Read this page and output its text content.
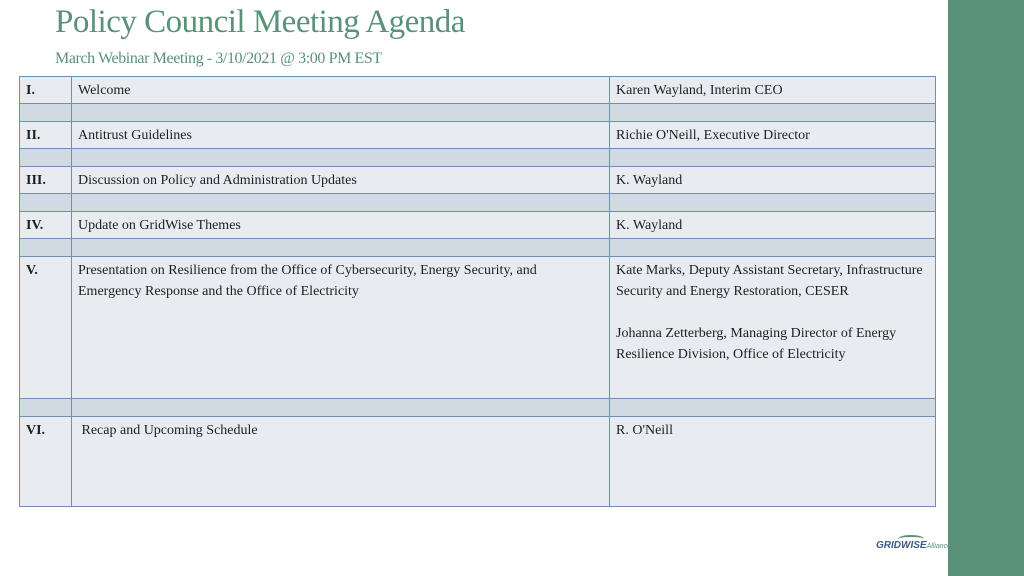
Policy Council Meeting Agenda
March Webinar Meeting - 3/10/2021 @ 3:00 PM EST
I.	Welcome	Karen Wayland, Interim CEO

II.	Antitrust Guidelines	Richie O'Neill, Executive Director

III.	Discussion on Policy and Administration Updates	K. Wayland

IV.	Update on GridWise Themes	K. Wayland

V.	Presentation on Resilience from the Office of Cybersecurity, Energy Security, and Emergency Response and the Office of Electricity	Kate Marks, Deputy Assistant Secretary, Infrastructure Security and Energy Restoration, CESER
Johanna Zetterberg, Managing Director of Energy Resilience Division, Office of Electricity

VI.	Recap and Upcoming Schedule	R. O'Neill
GRIDWISEAlliance
